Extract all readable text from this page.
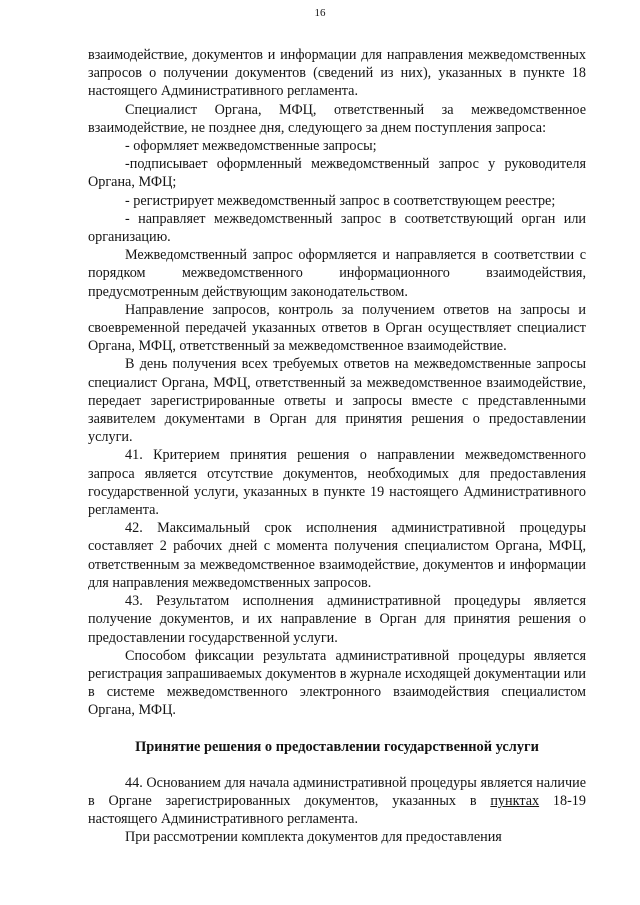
16

взаимодействие, документов и информации для направления межведомственных запросов о получении документов (сведений из них), указанных в пункте 18 настоящего Административного регламента.

Специалист Органа, МФЦ, ответственный за межведомственное взаимодействие, не позднее дня, следующего за днем поступления запроса:

- оформляет межведомственные запросы;

-подписывает оформленный межведомственный запрос у руководителя Органа, МФЦ;

- регистрирует межведомственный запрос в соответствующем реестре;

- направляет межведомственный запрос в соответствующий орган или организацию.

Межведомственный запрос оформляется и направляется в соответствии с порядком межведомственного информационного взаимодействия, предусмотренным действующим законодательством.

Направление запросов, контроль за получением ответов на запросы и своевременной передачей указанных ответов в Орган осуществляет специалист Органа, МФЦ, ответственный за межведомственное взаимодействие.

В день получения всех требуемых ответов на межведомственные запросы специалист Органа, МФЦ, ответственный за межведомственное взаимодействие, передает зарегистрированные ответы и запросы вместе с представленными заявителем документами в Орган для принятия решения о предоставлении услуги.

41. Критерием принятия решения о направлении межведомственного запроса является отсутствие документов, необходимых для предоставления государственной услуги, указанных в пункте 19 настоящего Административного регламента.

42. Максимальный срок исполнения административной процедуры составляет 2 рабочих дней с момента получения специалистом Органа, МФЦ, ответственным за межведомственное взаимодействие, документов и информации для направления межведомственных запросов.

43. Результатом исполнения административной процедуры является получение документов, и их направление в Орган для принятия решения о предоставлении государственной услуги.

Способом фиксации результата административной процедуры является регистрация запрашиваемых документов в журнале исходящей документации или в системе межведомственного электронного взаимодействия специалистом Органа, МФЦ.

Принятие решения о предоставлении государственной услуги

44. Основанием для начала административной процедуры является наличие в Органе зарегистрированных документов, указанных в пунктах 18-19 настоящего Административного регламента.

При рассмотрении комплекта документов для предоставления
